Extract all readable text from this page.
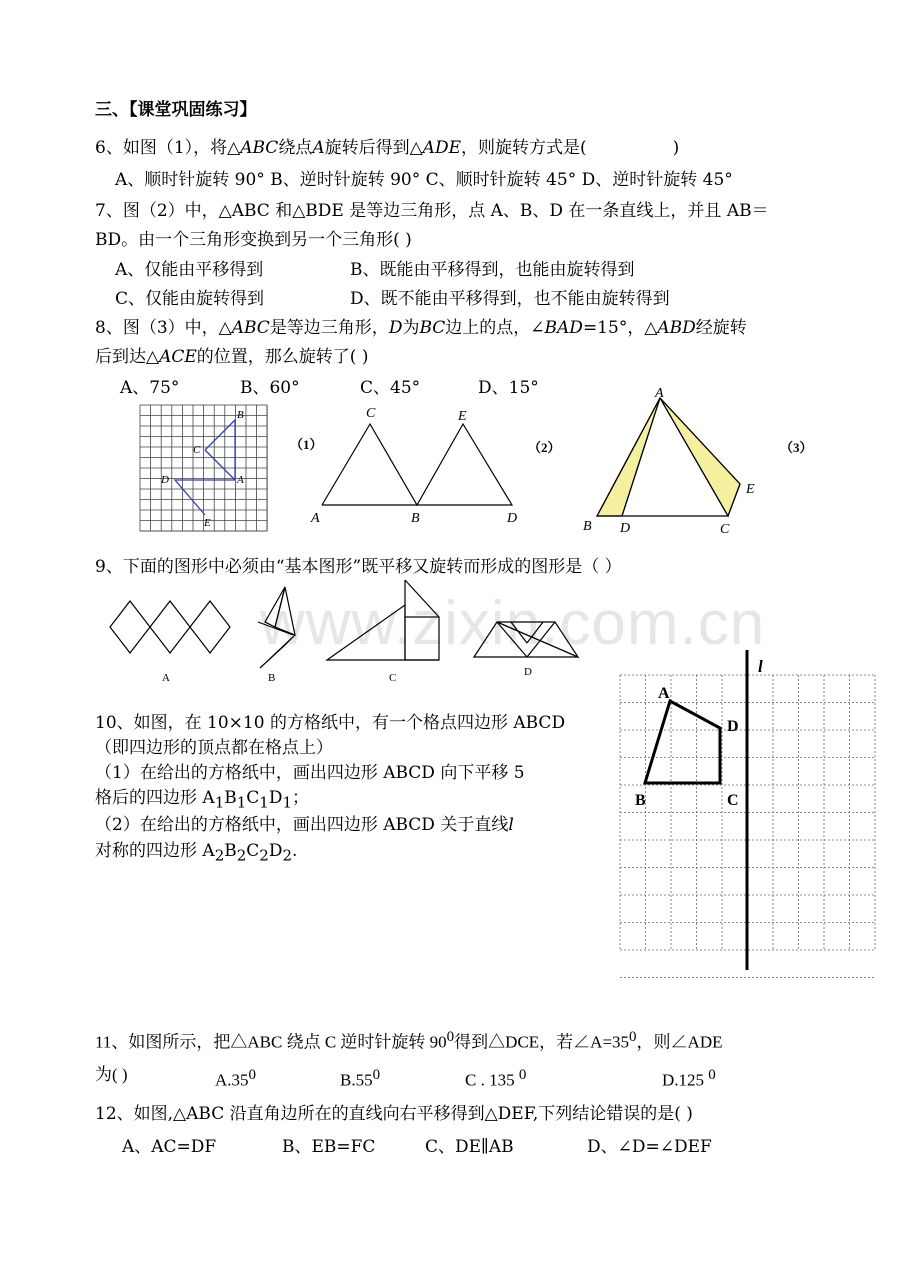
www.zixin.com.cn
三、【课堂巩固练习】
6、如图（1），将△ABC绕点A旋转后得到△ADE，则旋转方式是(	)
A、顺时针旋转 90° B、逆时针旋转 90° C、顺时针旋转 45° D、逆时针旋转 45°
7、图（2）中，△ABC 和△BDE 是等边三角形，点 A、B、D 在一条直线上，并且 AB＝
BD。由一个三角形变换到另一个三角形( )
A、仅能由平移得到	B、既能由平移得到，也能由旋转得到
C、仅能由旋转得到	D、既不能由平移得到，也不能由旋转得到
8、图（3）中，△ABC是等边三角形，D为BC边上的点，∠BAD=15°，△ABD经旋转
后到达△ACE的位置，那么旋转了( )
A、75°	B、60°	C、45°	D、15°
B
C
D	A
E
（1）
C	E
A	B	D
（2）
A
B D	C
E
（3）
9、下面的图形中必须由“基本图形”既平移又旋转而形成的图形是（ ）
A	B	C	D
10、如图，在 10×10 的方格纸中，有一个格点四边形 ABCD
（即四边形的顶点都在格点上）
（1）在给出的方格纸中，画出四边形 ABCD 向下平移 5
格后的四边形 $A_1B_1C_1D_1$；
（2）在给出的方格纸中，画出四边形 ABCD 关于直线l
对称的四边形 $A_2B_2C_2D_2$.
l
A
D
B	C
11、如图所示，把△ABC 绕点 C 逆时针旋转 $90^0$得到△DCE，若$\angle A=35^0$，则∠ADE
为( )	$A.35^0$	$B.55^0$	C . 135 $^0$	D.125 $^0$
12、如图,△ABC 沿直角边所在的直线向右平移得到△DEF,下列结论错误的是( )
A、AC=DF	B、EB=FC	C、DE∥AB	D、∠D=∠DEF
